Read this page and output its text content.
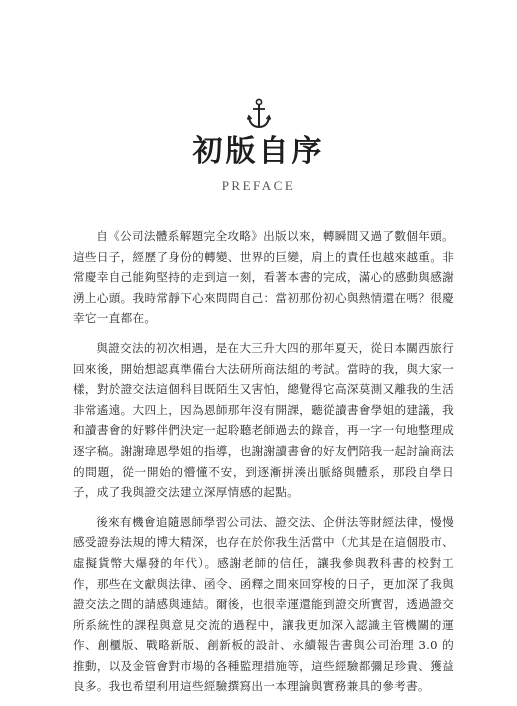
初版自序
PREFACE

自《公司法體系解題完全攻略》出版以來，轉瞬間又過了數個年頭。這些日子，經歷了身份的轉變、世界的巨變，肩上的責任也越來越重。非常慶幸自己能夠堅持的走到這一刻，看著本書的完成，滿心的感動與感謝湧上心頭。我時常靜下心來問問自己：當初那份初心與熱情還在嗎？很慶幸它一直都在。

與證交法的初次相遇，是在大三升大四的那年夏天，從日本關西旅行回來後，開始想認真準備台大法研所商法組的考試。當時的我，與大家一樣，對於證交法這個科目既陌生又害怕，總覺得它高深莫測又離我的生活非常遙遠。大四上，因為恩師那年沒有開課，聽從讀書會學姐的建議，我和讀書會的好夥伴們決定一起聆聽老師過去的錄音，再一字一句地整理成逐字稿。謝謝瑋恩學姐的指導，也謝謝讀書會的好友們陪我一起討論商法的問題，從一開始的懵懂不安，到逐漸拼湊出脈絡與體系，那段自學日子，成了我與證交法建立深厚情感的起點。

後來有機會追隨恩師學習公司法、證交法、企併法等財經法律，慢慢感受證券法規的博大精深，也存在於你我生活當中（尤其是在這個股市、虛擬貨幣大爆發的年代）。感謝老師的信任，讓我參與教科書的校對工作，那些在文獻與法律、函令、函釋之間來回穿梭的日子，更加深了我與證交法之間的請感與連結。爾後，也很幸運還能到證交所實習，透過證交所系統性的課程與意見交流的過程中，讓我更加深入認識主管機關的運作、創櫃版、戰略新版、創新板的設計、永續報告書與公司治理 3.0 的推動，以及金管會對市場的各種監理措施等，這些經驗都彌足珍貴、獲益良多。我也希望利用這些經驗撰寫出一本理論與實務兼具的參考書。
